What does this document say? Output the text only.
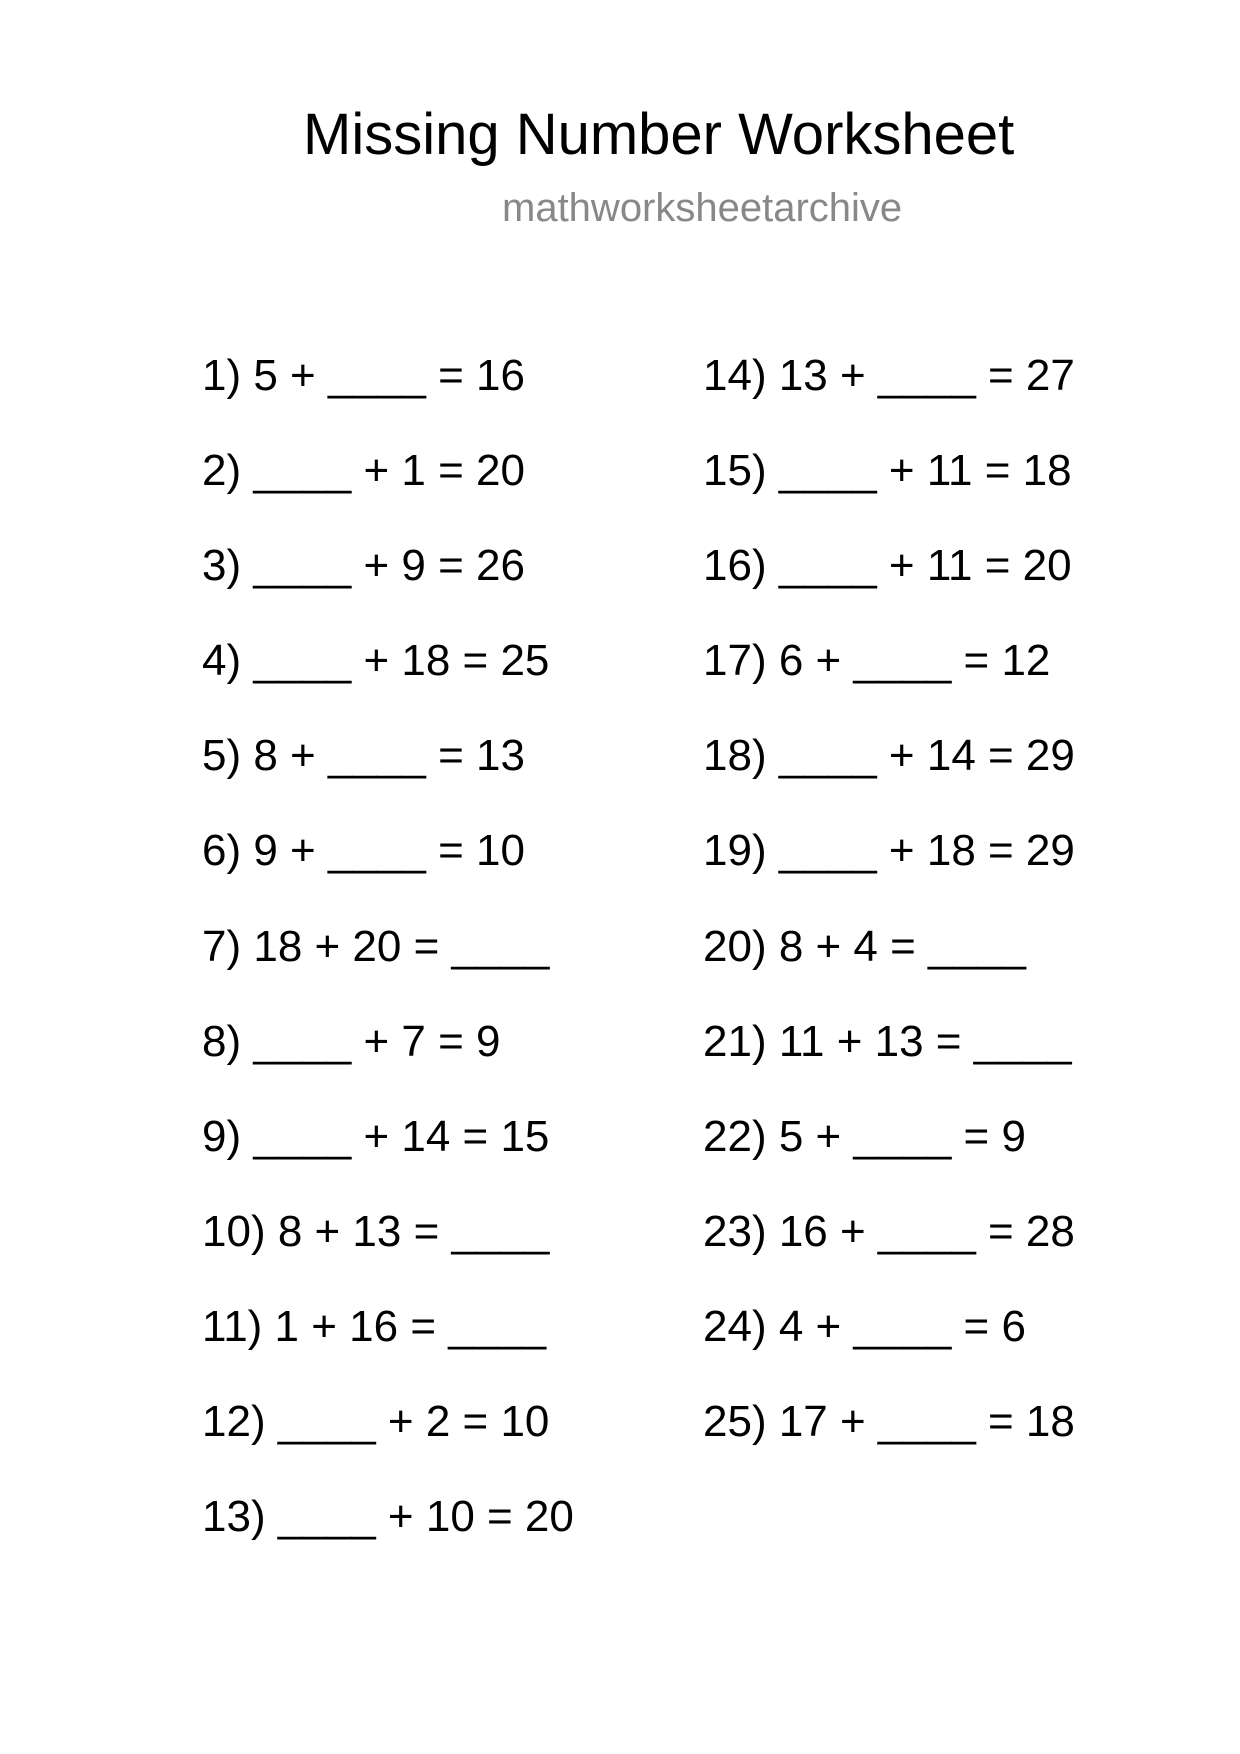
Missing Number Worksheet
mathworksheetarchive
1) 5 + ____ = 16
2) ____ + 1 = 20
3) ____ + 9 = 26
4) ____ + 18 = 25
5) 8 + ____ = 13
6) 9 + ____ = 10
7) 18 + 20 = ____
8) ____ + 7 = 9
9) ____ + 14 = 15
10) 8 + 13 = ____
11) 1 + 16 = ____
12) ____ + 2 = 10
13) ____ + 10 = 20
14) 13 + ____ = 27
15) ____ + 11 = 18
16) ____ + 11 = 20
17) 6 + ____ = 12
18) ____ + 14 = 29
19) ____ + 18 = 29
20) 8 + 4 = ____
21) 11 + 13 = ____
22) 5 + ____ = 9
23) 16 + ____ = 28
24) 4 + ____ = 6
25) 17 + ____ = 18
